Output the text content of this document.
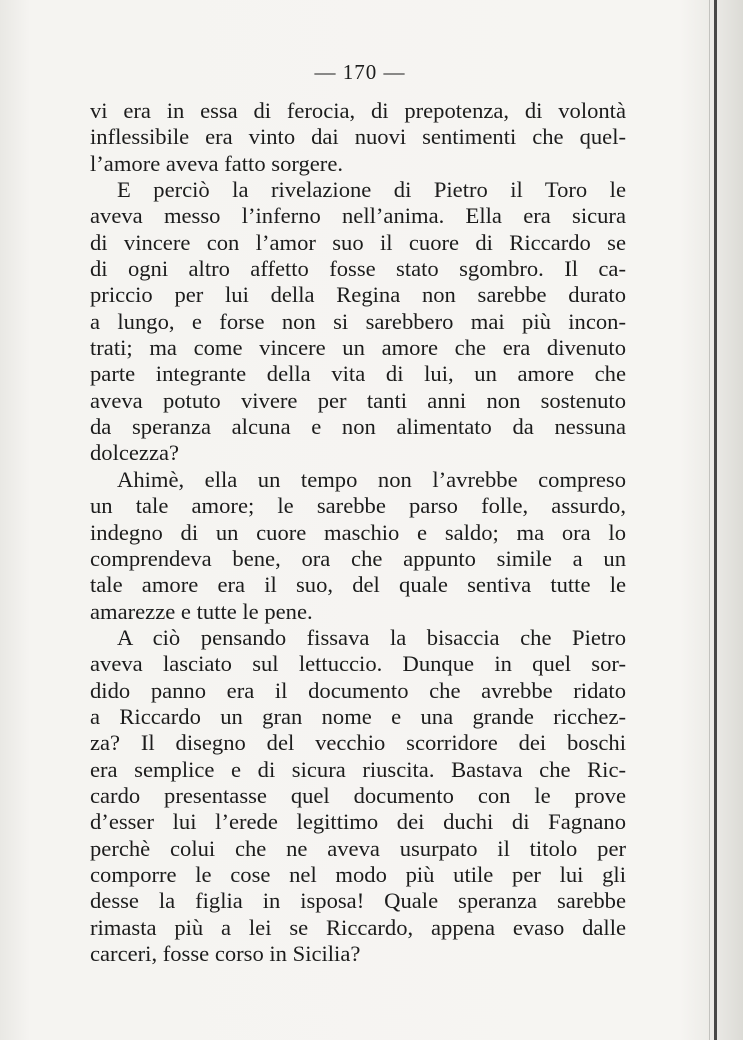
— 170 —
vi era in essa di ferocia, di prepotenza, di volontà
inflessibile era vinto dai nuovi sentimenti che quel-
l’amore aveva fatto sorgere.
E perciò la rivelazione di Pietro il Toro le
aveva messo l’inferno nell’anima. Ella era sicura
di vincere con l’amor suo il cuore di Riccardo se
di ogni altro affetto fosse stato sgombro. Il ca-
priccio per lui della Regina non sarebbe durato
a lungo, e forse non si sarebbero mai più incon-
trati; ma come vincere un amore che era divenuto
parte integrante della vita di lui, un amore che
aveva potuto vivere per tanti anni non sostenuto
da speranza alcuna e non alimentato da nessuna
dolcezza?
Ahimè, ella un tempo non l’avrebbe compreso
un tale amore; le sarebbe parso folle, assurdo,
indegno di un cuore maschio e saldo; ma ora lo
comprendeva bene, ora che appunto simile a un
tale amore era il suo, del quale sentiva tutte le
amarezze e tutte le pene.
A ciò pensando fissava la bisaccia che Pietro
aveva lasciato sul lettuccio. Dunque in quel sor-
dido panno era il documento che avrebbe ridato
a Riccardo un gran nome e una grande ricchez-
za? Il disegno del vecchio scorridore dei boschi
era semplice e di sicura riuscita. Bastava che Ric-
cardo presentasse quel documento con le prove
d’esser lui l’erede legittimo dei duchi di Fagnano
perchè colui che ne aveva usurpato il titolo per
comporre le cose nel modo più utile per lui gli
desse la figlia in isposa! Quale speranza sarebbe
rimasta più a lei se Riccardo, appena evaso dalle
carceri, fosse corso in Sicilia?
